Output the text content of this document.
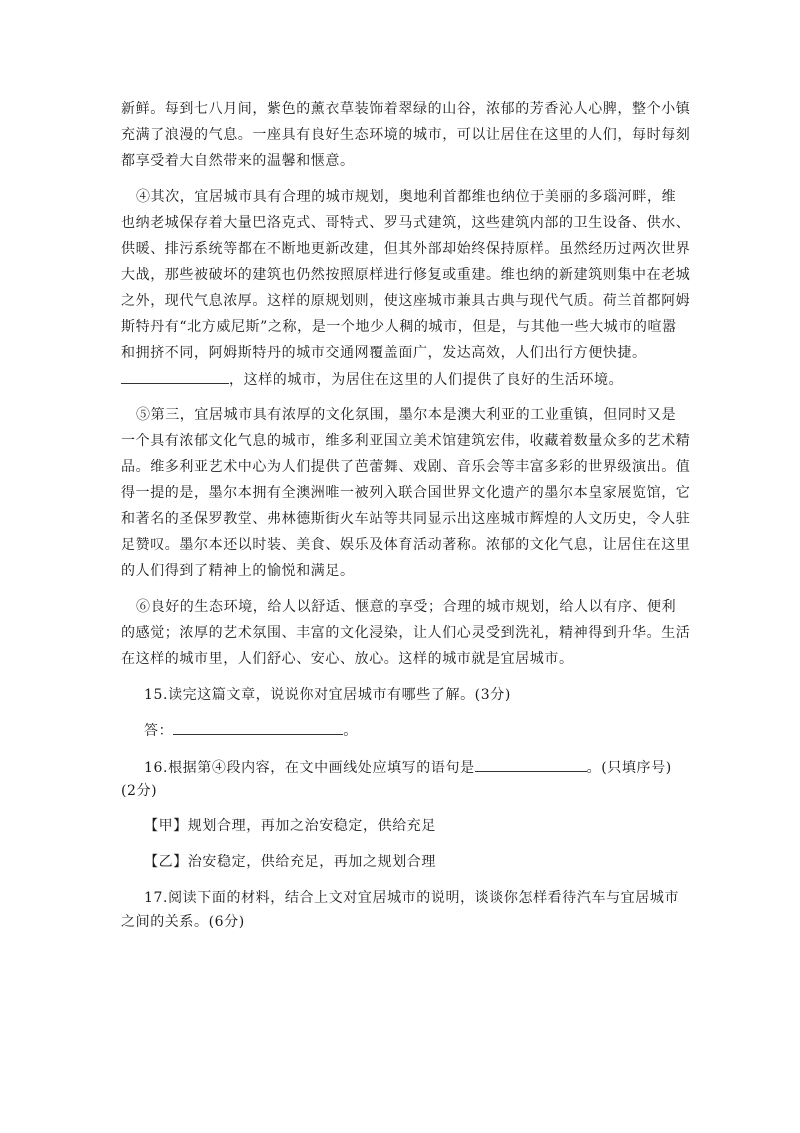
新鲜。每到七八月间，紫色的薰衣草装饰着翠绿的山谷，浓郁的芳香沁人心脾，整个小镇
充满了浪漫的气息。一座具有良好生态环境的城市，可以让居住在这里的人们，每时每刻
都享受着大自然带来的温馨和惬意。
④其次，宜居城市具有合理的城市规划，奥地利首都维也纳位于美丽的多瑙河畔，维
也纳老城保存着大量巴洛克式、哥特式、罗马式建筑，这些建筑内部的卫生设备、供水、
供暖、排污系统等都在不断地更新改建，但其外部却始终保持原样。虽然经历过两次世界
大战，那些被破坏的建筑也仍然按照原样进行修复或重建。维也纳的新建筑则集中在老城
之外，现代气息浓厚。这样的原规划则，使这座城市兼具古典与现代气质。荷兰首都阿姆
斯特丹有“北方威尼斯”之称，是一个地少人稠的城市，但是，与其他一些大城市的喧嚣
和拥挤不同，阿姆斯特丹的城市交通网覆盖面广，发达高效，人们出行方便快捷。
，这样的城市，为居住在这里的人们提供了良好的生活环境。
⑤第三，宜居城市具有浓厚的文化氛围，墨尔本是澳大利亚的工业重镇，但同时又是
一个具有浓郁文化气息的城市，维多利亚国立美术馆建筑宏伟，收藏着数量众多的艺术精
品。维多利亚艺术中心为人们提供了芭蕾舞、戏剧、音乐会等丰富多彩的世界级演出。值
得一提的是，墨尔本拥有全澳洲唯一被列入联合国世界文化遗产的墨尔本皇家展览馆，它
和著名的圣保罗教堂、弗林德斯街火车站等共同显示出这座城市辉煌的人文历史，令人驻
足赞叹。墨尔本还以时装、美食、娱乐及体育活动著称。浓郁的文化气息，让居住在这里
的人们得到了精神上的愉悦和满足。
⑥良好的生态环境，给人以舒适、惬意的享受；合理的城市规划，给人以有序、便利
的感觉；浓厚的艺术氛围、丰富的文化浸染，让人们心灵受到洗礼，精神得到升华。生活
在这样的城市里，人们舒心、安心、放心。这样的城市就是宜居城市。
15.读完这篇文章，说说你对宜居城市有哪些了解。(3分)
答：	。
16.根据第④段内容，在文中画线处应填写的语句是	。(只填序号)
(2分)
【甲】规划合理，再加之治安稳定，供给充足
【乙】治安稳定，供给充足，再加之规划合理
17.阅读下面的材料，结合上文对宜居城市的说明，谈谈你怎样看待汽车与宜居城市
之间的关系。(6分)
